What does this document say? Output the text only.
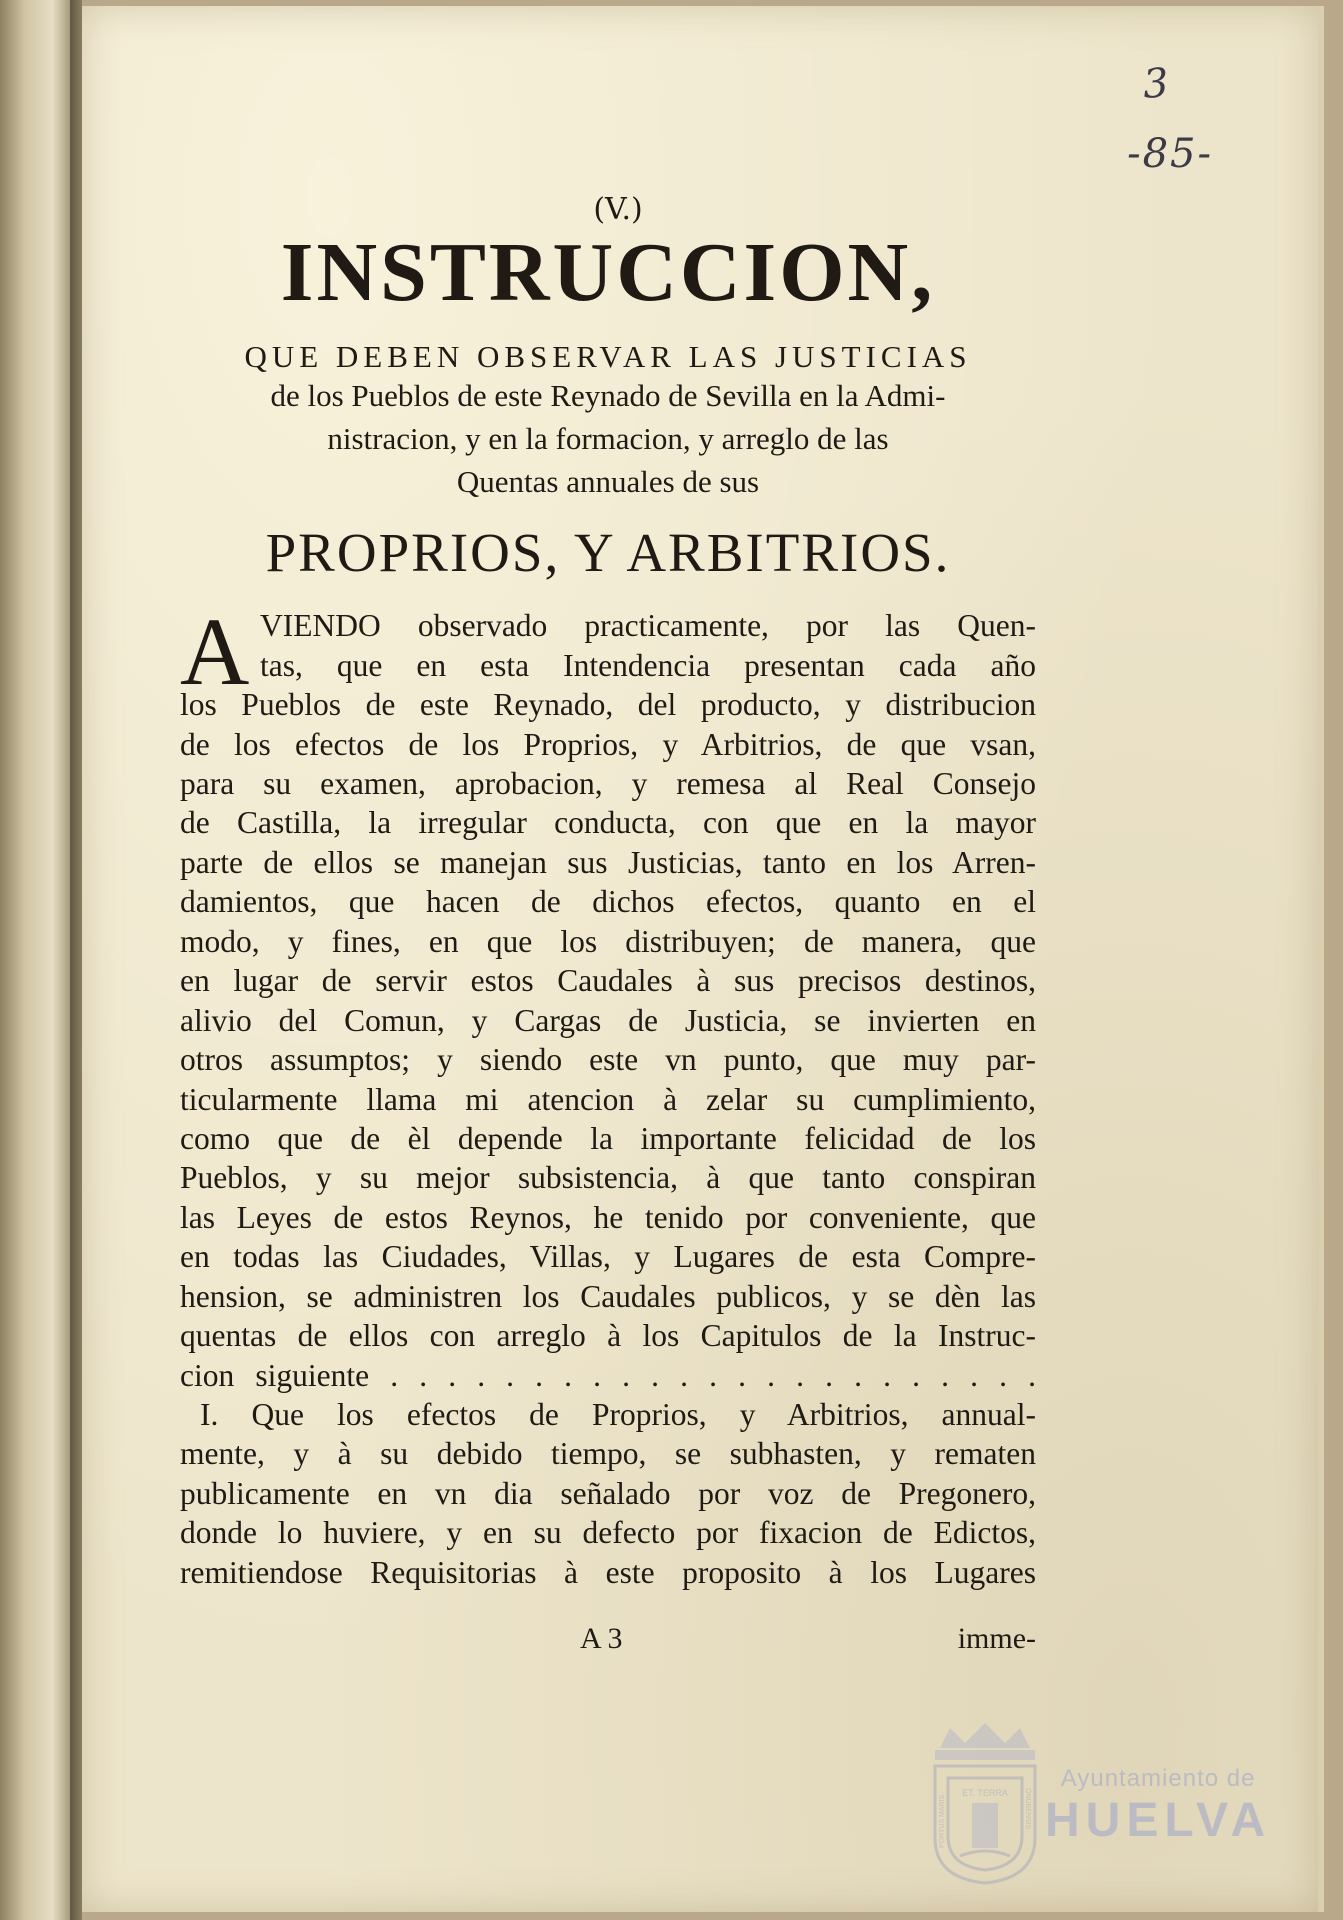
3
-85-
(V.)
INSTRUCCION,
QUE DEBEN OBSERVAR LAS JUSTICIAS
de los Pueblos de este Reynado de Sevilla en la Admi-
nistracion, y en la formacion, y arreglo de las
Quentas annuales de sus
PROPRIOS, Y ARBITRIOS.
A VIENDO observado practicamente, por las Quen-
tas, que en esta Intendencia presentan cada año
los Pueblos de este Reynado, del producto, y distribucion
de los efectos de los Proprios, y Arbitrios, de que vsan,
para su examen, aprobacion, y remesa al Real Consejo
de Castilla, la irregular conducta, con que en la mayor
parte de ellos se manejan sus Justicias, tanto en los Arren-
damientos, que hacen de dichos efectos, quanto en el
modo, y fines, en que los distribuyen; de manera, que
en lugar de servir estos Caudales à sus precisos destinos,
alivio del Comun, y Cargas de Justicia, se invierten en
otros assumptos; y siendo este vn punto, que muy par-
ticularmente llama mi atencion à zelar su cumplimiento,
como que de èl depende la importante felicidad de los
Pueblos, y su mejor subsistencia, à que tanto conspiran
las Leyes de estos Reynos, he tenido por conveniente, que
en todas las Ciudades, Villas, y Lugares de esta Compre-
hension, se administren los Caudales publicos, y se dèn las
quentas de ellos con arreglo à los Capitulos de la Instruc-
cion siguiente . . . . . . . . . . . . . . . . . . . . . . .
I. Que los efectos de Proprios, y Arbitrios, annual-
mente, y à su debido tiempo, se subhasten, y rematen
publicamente en vn dia señalado por voz de Pregonero,
donde lo huviere, y en su defecto por fixacion de Edictos,
remitiendose Requisitorias à este proposito à los Lugares
A 3	imme-
ET. TERRA
PORTUS MARIS	ONUBENSIS
Ayuntamiento de
HUELVA
